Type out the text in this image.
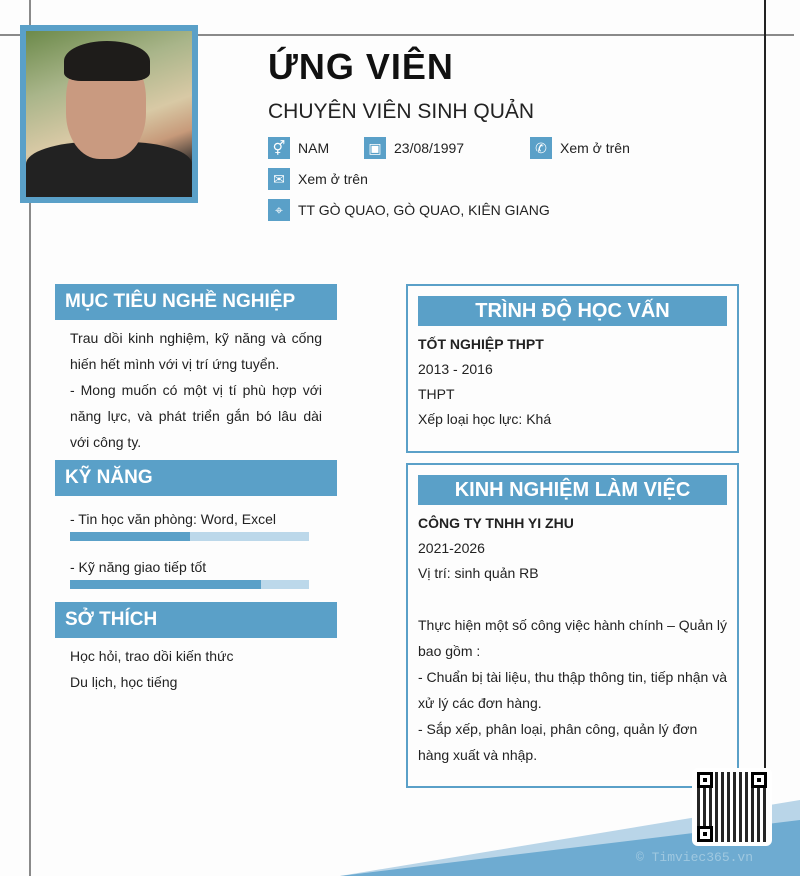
ỨNG VIÊN
CHUYÊN VIÊN SINH QUẢN
⚥ NAM	▣ 23/08/1997	✆ Xem ở trên
✉ Xem ở trên
⌖	TT GÒ QUAO, GÒ QUAO, KIÊN GIANG
MỤC TIÊU NGHỀ NGHIỆP
Trau dồi kinh nghiệm, kỹ năng và cống hiến hết mình với vị trí ứng tuyển.
- Mong muốn có một vị tí phù hợp với năng lực, và phát triển gắn bó lâu dài với công ty.
KỸ NĂNG
- Tin học văn phòng: Word, Excel
- Kỹ năng giao tiếp tốt
SỞ THÍCH
Học hỏi, trao dồi kiến thức
Du lịch, học tiếng
TRÌNH ĐỘ HỌC VẤN
TỐT NGHIỆP THPT
2013 - 2016
THPT
Xếp loại học lực: Khá
KINH NGHIỆM LÀM VIỆC
CÔNG TY TNHH YI ZHU
2021-2026
Vị trí: sinh quản RB
Thực hiện một số công việc hành chính – Quản lý bao gồm :
- Chuẩn bị tài liệu, thu thập thông tin, tiếp nhận và xử lý các đơn hàng.
- Sắp xếp, phân loại, phân công, quản lý đơn hàng xuất và nhập.
© Timviec365.vn
